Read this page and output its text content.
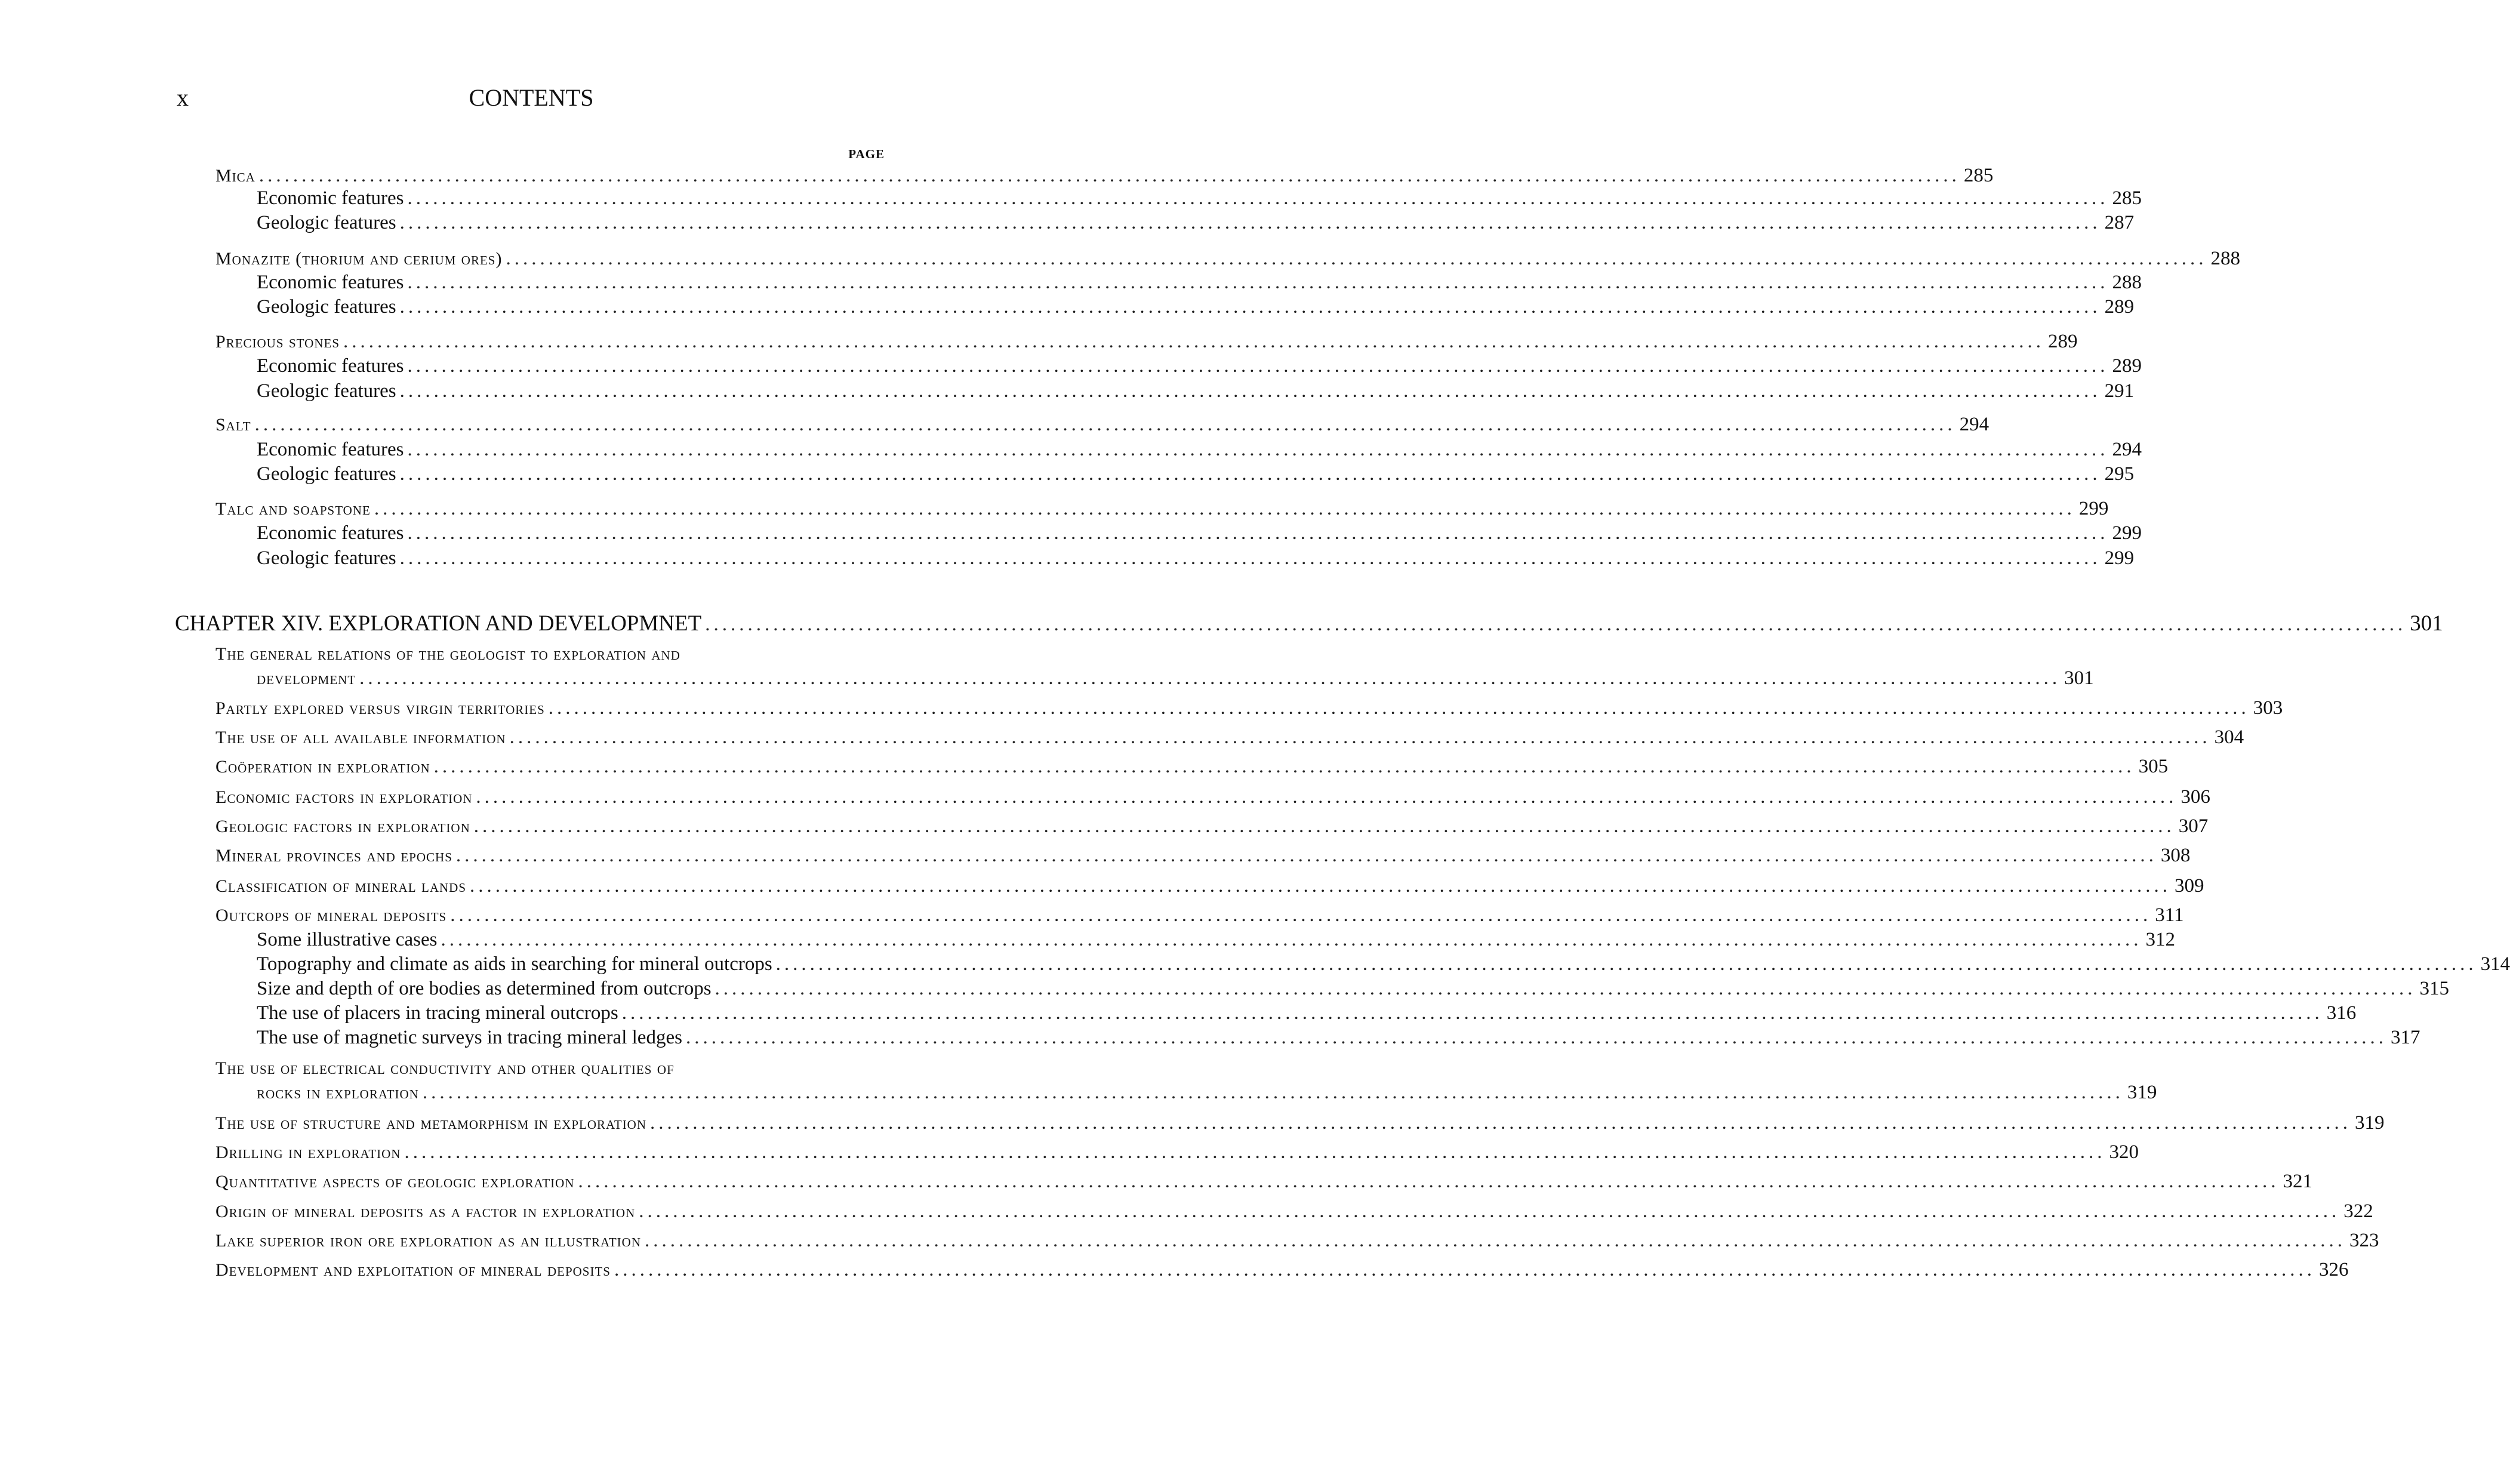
x	CONTENTS
PAGE
Mica ........................................................................................................................................................................................................ 285
Economic features ........................................................................................................................................................................................................ 285
Geologic features ........................................................................................................................................................................................................ 287
Monazite (thorium and cerium ores) ........................................................................................................................................................................................................ 288
Economic features ........................................................................................................................................................................................................ 288
Geologic features ........................................................................................................................................................................................................ 289
Precious stones ........................................................................................................................................................................................................ 289
Economic features ........................................................................................................................................................................................................ 289
Geologic features ........................................................................................................................................................................................................ 291
Salt ........................................................................................................................................................................................................ 294
Economic features ........................................................................................................................................................................................................ 294
Geologic features ........................................................................................................................................................................................................ 295
Talc and soapstone ........................................................................................................................................................................................................ 299
Economic features ........................................................................................................................................................................................................ 299
Geologic features ........................................................................................................................................................................................................ 299
CHAPTER XIV. EXPLORATION AND DEVELOPMNET ........................................................................................................................................................................................................ 301
The general relations of the geologist to exploration and
development ........................................................................................................................................................................................................ 301
Partly explored versus virgin territories ........................................................................................................................................................................................................ 303
The use of all available information ........................................................................................................................................................................................................ 304
Coöperation in exploration ........................................................................................................................................................................................................ 305
Economic factors in exploration ........................................................................................................................................................................................................ 306
Geologic factors in exploration ........................................................................................................................................................................................................ 307
Mineral provinces and epochs ........................................................................................................................................................................................................ 308
Classification of mineral lands ........................................................................................................................................................................................................ 309
Outcrops of mineral deposits ........................................................................................................................................................................................................ 311
Some illustrative cases ........................................................................................................................................................................................................ 312
Topography and climate as aids in searching for mineral outcrops ........................................................................................................................................................................................................ 314
Size and depth of ore bodies as determined from outcrops ........................................................................................................................................................................................................ 315
The use of placers in tracing mineral outcrops ........................................................................................................................................................................................................ 316
The use of magnetic surveys in tracing mineral ledges ........................................................................................................................................................................................................ 317
The use of electrical conductivity and other qualities of
rocks in exploration ........................................................................................................................................................................................................ 319
The use of structure and metamorphism in exploration ........................................................................................................................................................................................................ 319
Drilling in exploration ........................................................................................................................................................................................................ 320
Quantitative aspects of geologic exploration ........................................................................................................................................................................................................ 321
Origin of mineral deposits as a factor in exploration ........................................................................................................................................................................................................ 322
Lake superior iron ore exploration as an illustration ........................................................................................................................................................................................................ 323
Development and exploitation of mineral deposits ........................................................................................................................................................................................................ 326
